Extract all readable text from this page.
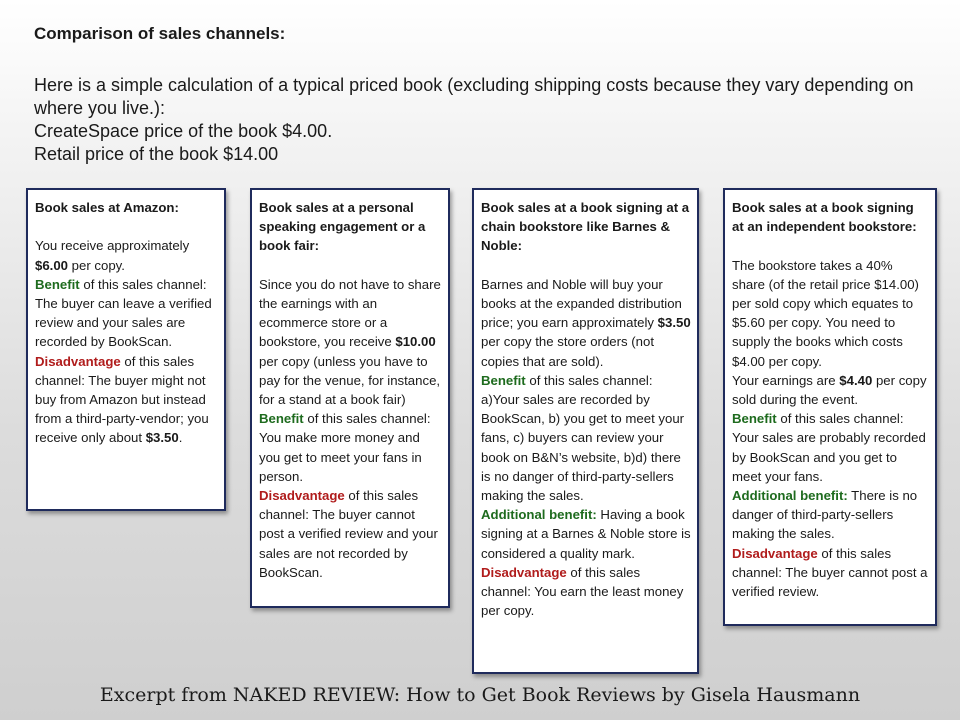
Comparison of sales channels:

Here is a simple calculation of a typical priced book (excluding shipping costs because they vary depending on where you live.):

CreateSpace price of the book $4.00.

Retail price of the book $14.00

Book sales at Amazon:

You receive approximately $6.00 per copy.

Benefit of this sales channel: The buyer can leave a verified review and your sales are recorded by BookScan.

Disadvantage of this sales channel: The buyer might not buy from Amazon but instead from a third-party-vendor; you receive only about $3.50.

Book sales at a personal speaking engagement or a book fair:

Since you do not have to share the earnings with an ecommerce store or a bookstore, you receive $10.00 per copy (unless you have to pay for the venue, for instance, for a stand at a book fair)

Benefit of this sales channel: You make more money and you get to meet your fans in person.

Disadvantage of this sales channel: The buyer cannot post a verified review and your sales are not recorded by BookScan.

Book sales at a book signing at a chain bookstore like Barnes & Noble:

Barnes and Noble will buy your books at the expanded distribution price; you earn approximately $3.50 per copy the store orders (not copies that are sold).

Benefit of this sales channel: a)Your sales are recorded by BookScan, b) you get to meet your fans, c) buyers can review your book on B&N’s website, b)d) there is no danger of third-party-sellers making the sales.

Additional benefit: Having a book signing at a Barnes & Noble store is considered a quality mark.

Disadvantage of this sales channel: You earn the least money per copy.

Book sales at a book signing at an independent bookstore:

The bookstore takes a 40% share (of the retail price $14.00) per sold copy which equates to $5.60 per copy. You need to supply the books which costs $4.00 per copy.

Your earnings are $4.40 per copy sold during the event.

Benefit of this sales channel: Your sales are probably recorded by BookScan and you get to meet your fans.

Additional benefit: There is no danger of third-party-sellers making the sales.

Disadvantage of this sales channel: The buyer cannot post a verified review.

Excerpt from NAKED REVIEW: How to Get Book Reviews by Gisela Hausmann
